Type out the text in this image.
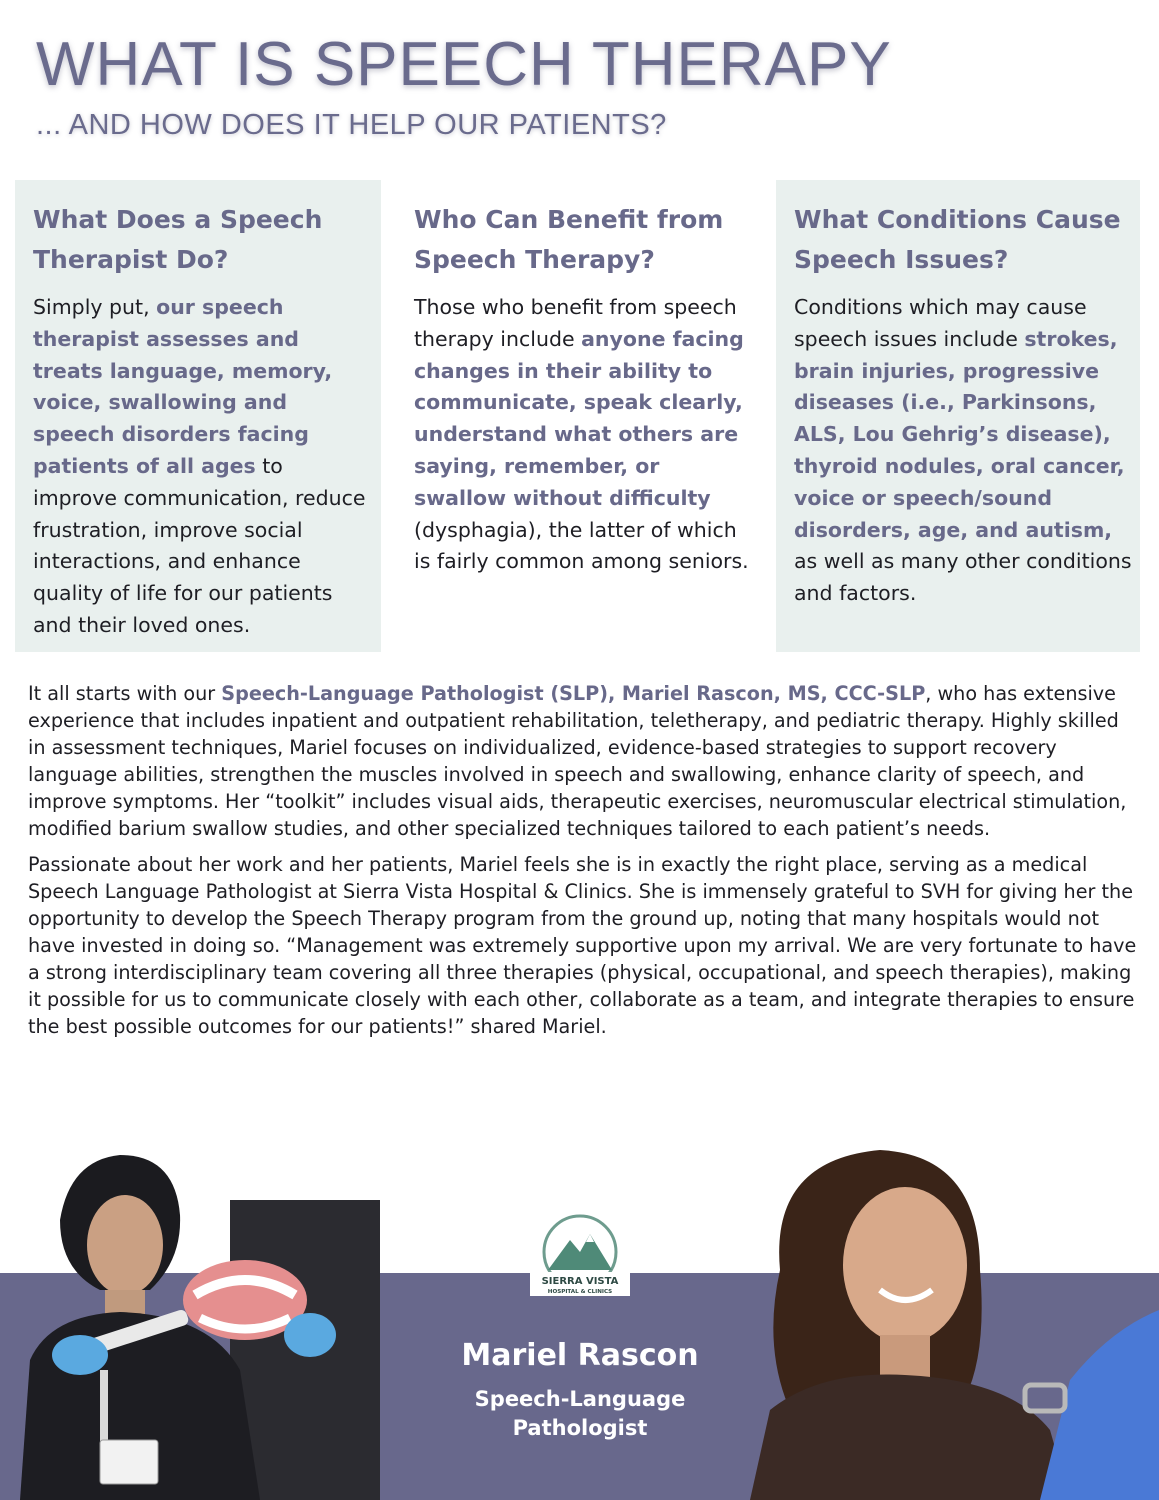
WHAT IS SPEECH THERAPY
... AND HOW DOES IT HELP OUR PATIENTS?
What Does a Speech Therapist Do?

Simply put, our speech therapist assesses and treats language, memory, voice, swallowing and speech disorders facing patients of all ages to improve communication, reduce frustration, improve social interactions, and enhance quality of life for our patients and their loved ones.

Who Can Benefit from Speech Therapy?

Those who benefit from speech therapy include anyone facing changes in their ability to communicate, speak clearly, understand what others are saying, remember, or swallow without difficulty (dysphagia), the latter of which is fairly common among seniors.

What Conditions Cause Speech Issues?

Conditions which may cause speech issues include strokes, brain injuries, progressive diseases (i.e., Parkinsons, ALS, Lou Gehrig’s disease), thyroid nodules, oral cancer, voice or speech/sound disorders, age, and autism, as well as many other conditions and factors.

It all starts with our Speech-Language Pathologist (SLP), Mariel Rascon, MS, CCC-SLP, who has extensive experience that includes inpatient and outpatient rehabilitation, teletherapy, and pediatric therapy. Highly skilled in assessment techniques, Mariel focuses on individualized, evidence-based strategies to support recovery language abilities, strengthen the muscles involved in speech and swallowing, enhance clarity of speech, and improve symptoms. Her “toolkit” includes visual aids, therapeutic exercises, neuromuscular electrical stimulation, modified barium swallow studies, and other specialized techniques tailored to each patient’s needs.

Passionate about her work and her patients, Mariel feels she is in exactly the right place, serving as a medical Speech Language Pathologist at Sierra Vista Hospital & Clinics. She is immensely grateful to SVH for giving her the opportunity to develop the Speech Therapy program from the ground up, noting that many hospitals would not have invested in doing so. “Management was extremely supportive upon my arrival. We are very fortunate to have a strong interdisciplinary team covering all three therapies (physical, occupational, and speech therapies), making it possible for us to communicate closely with each other, collaborate as a team, and integrate therapies to ensure the best possible outcomes for our patients!” shared Mariel.

SIERRA VISTA
HOSPITAL & CLINICS
Mariel Rascon
Speech-Language Pathologist
